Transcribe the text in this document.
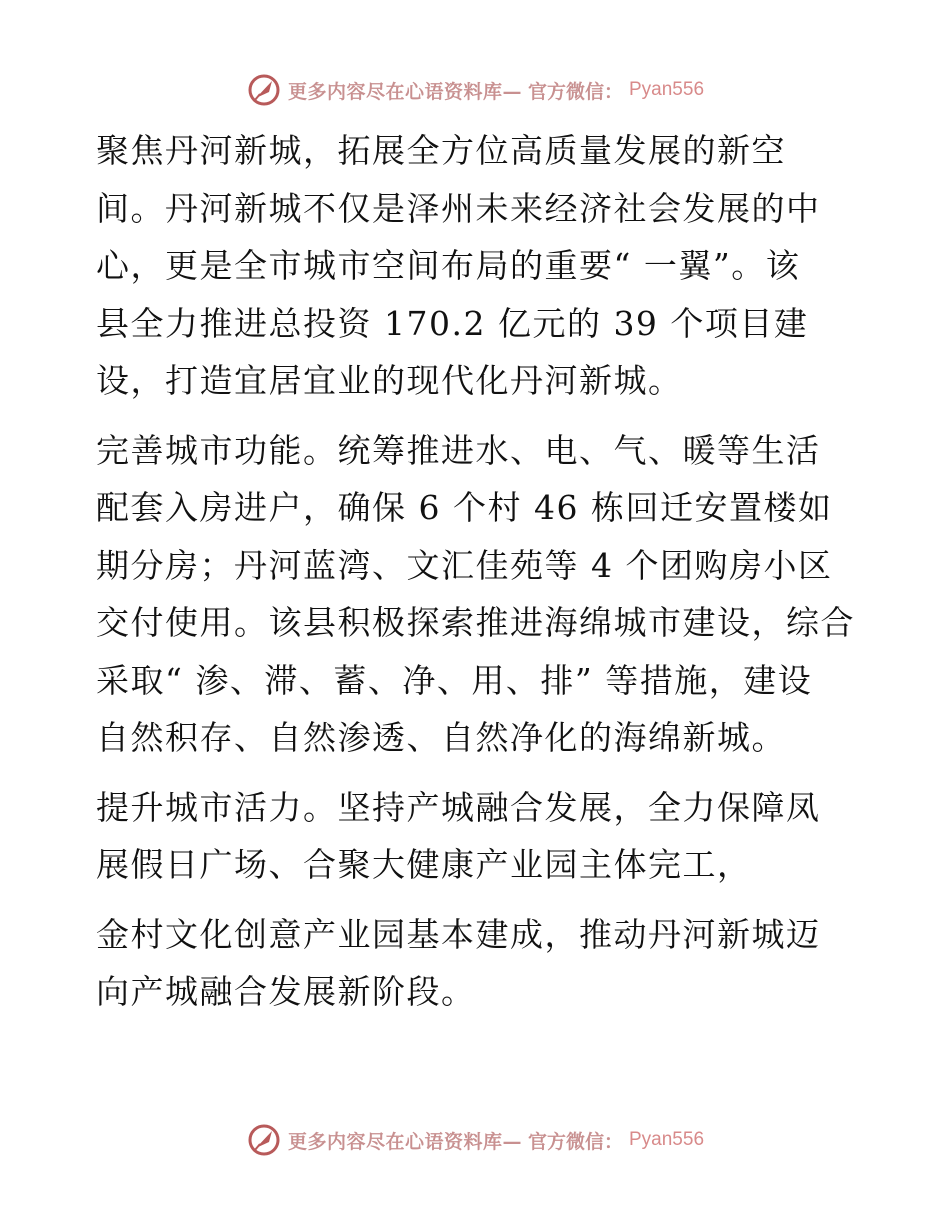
更多内容尽在心语资料库— 官方微信： Pyan556

聚焦丹河新城，拓展全方位高质量发展的新空
间。丹河新城不仅是泽州未来经济社会发展的中
心，更是全市城市空间布局的重要“ 一翼”。该
县全力推进总投资 170.2 亿元的 39 个项目建
设，打造宜居宜业的现代化丹河新城。

完善城市功能。统筹推进水、电、气、暖等生活
配套入房进户，确保 6 个村 46 栋回迁安置楼如
期分房；丹河蓝湾、文汇佳苑等 4 个团购房小区
交付使用。该县积极探索推进海绵城市建设，综合
采取“ 渗、滞、蓄、净、用、排” 等措施，建设
自然积存、自然渗透、自然净化的海绵新城。

提升城市活力。坚持产城融合发展，全力保障凤
展假日广场、合聚大健康产业园主体完工，

金村文化创意产业园基本建成，推动丹河新城迈
向产城融合发展新阶段。

更多内容尽在心语资料库— 官方微信： Pyan556
